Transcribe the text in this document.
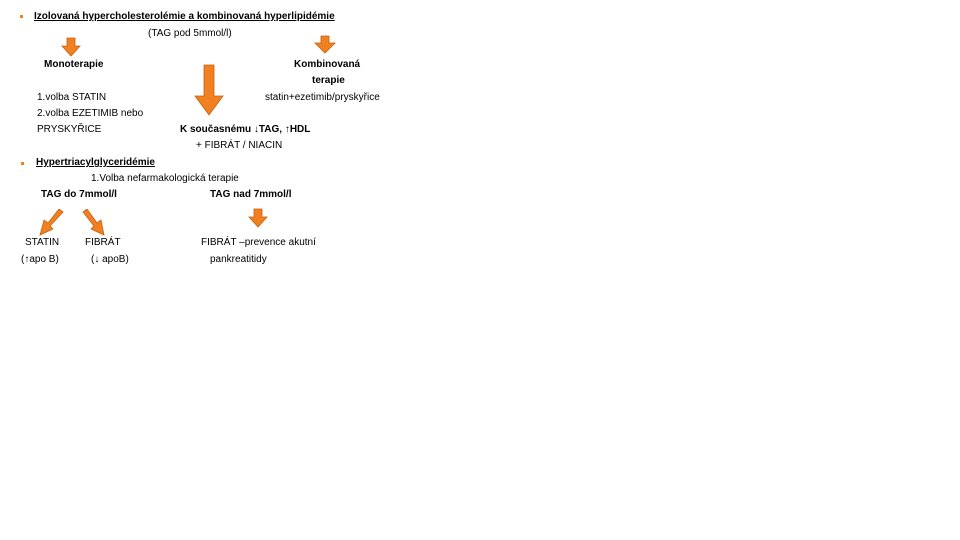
Izolovaná hypercholesterolémie a kombinovaná hyperlipidémie
(TAG pod 5mmol/l)
Monoterapie	Kombinovaná
terapie
1.volba STATIN	statin+ezetimib/pryskyřice
2.volba EZETIMIB nebo
PRYSKYŘICE	K současnému ↓TAG, ↑HDL
+ FIBRÁT / NIACIN
Hypertriacylglyceridémie
1.Volba nefarmakologická terapie
TAG do 7mmol/l	TAG nad 7mmol/l
STATIN	FIBRÁT	FIBRÁT –prevence akutní
(↑apo B)	(↓ apoB)	pankreatitidy
